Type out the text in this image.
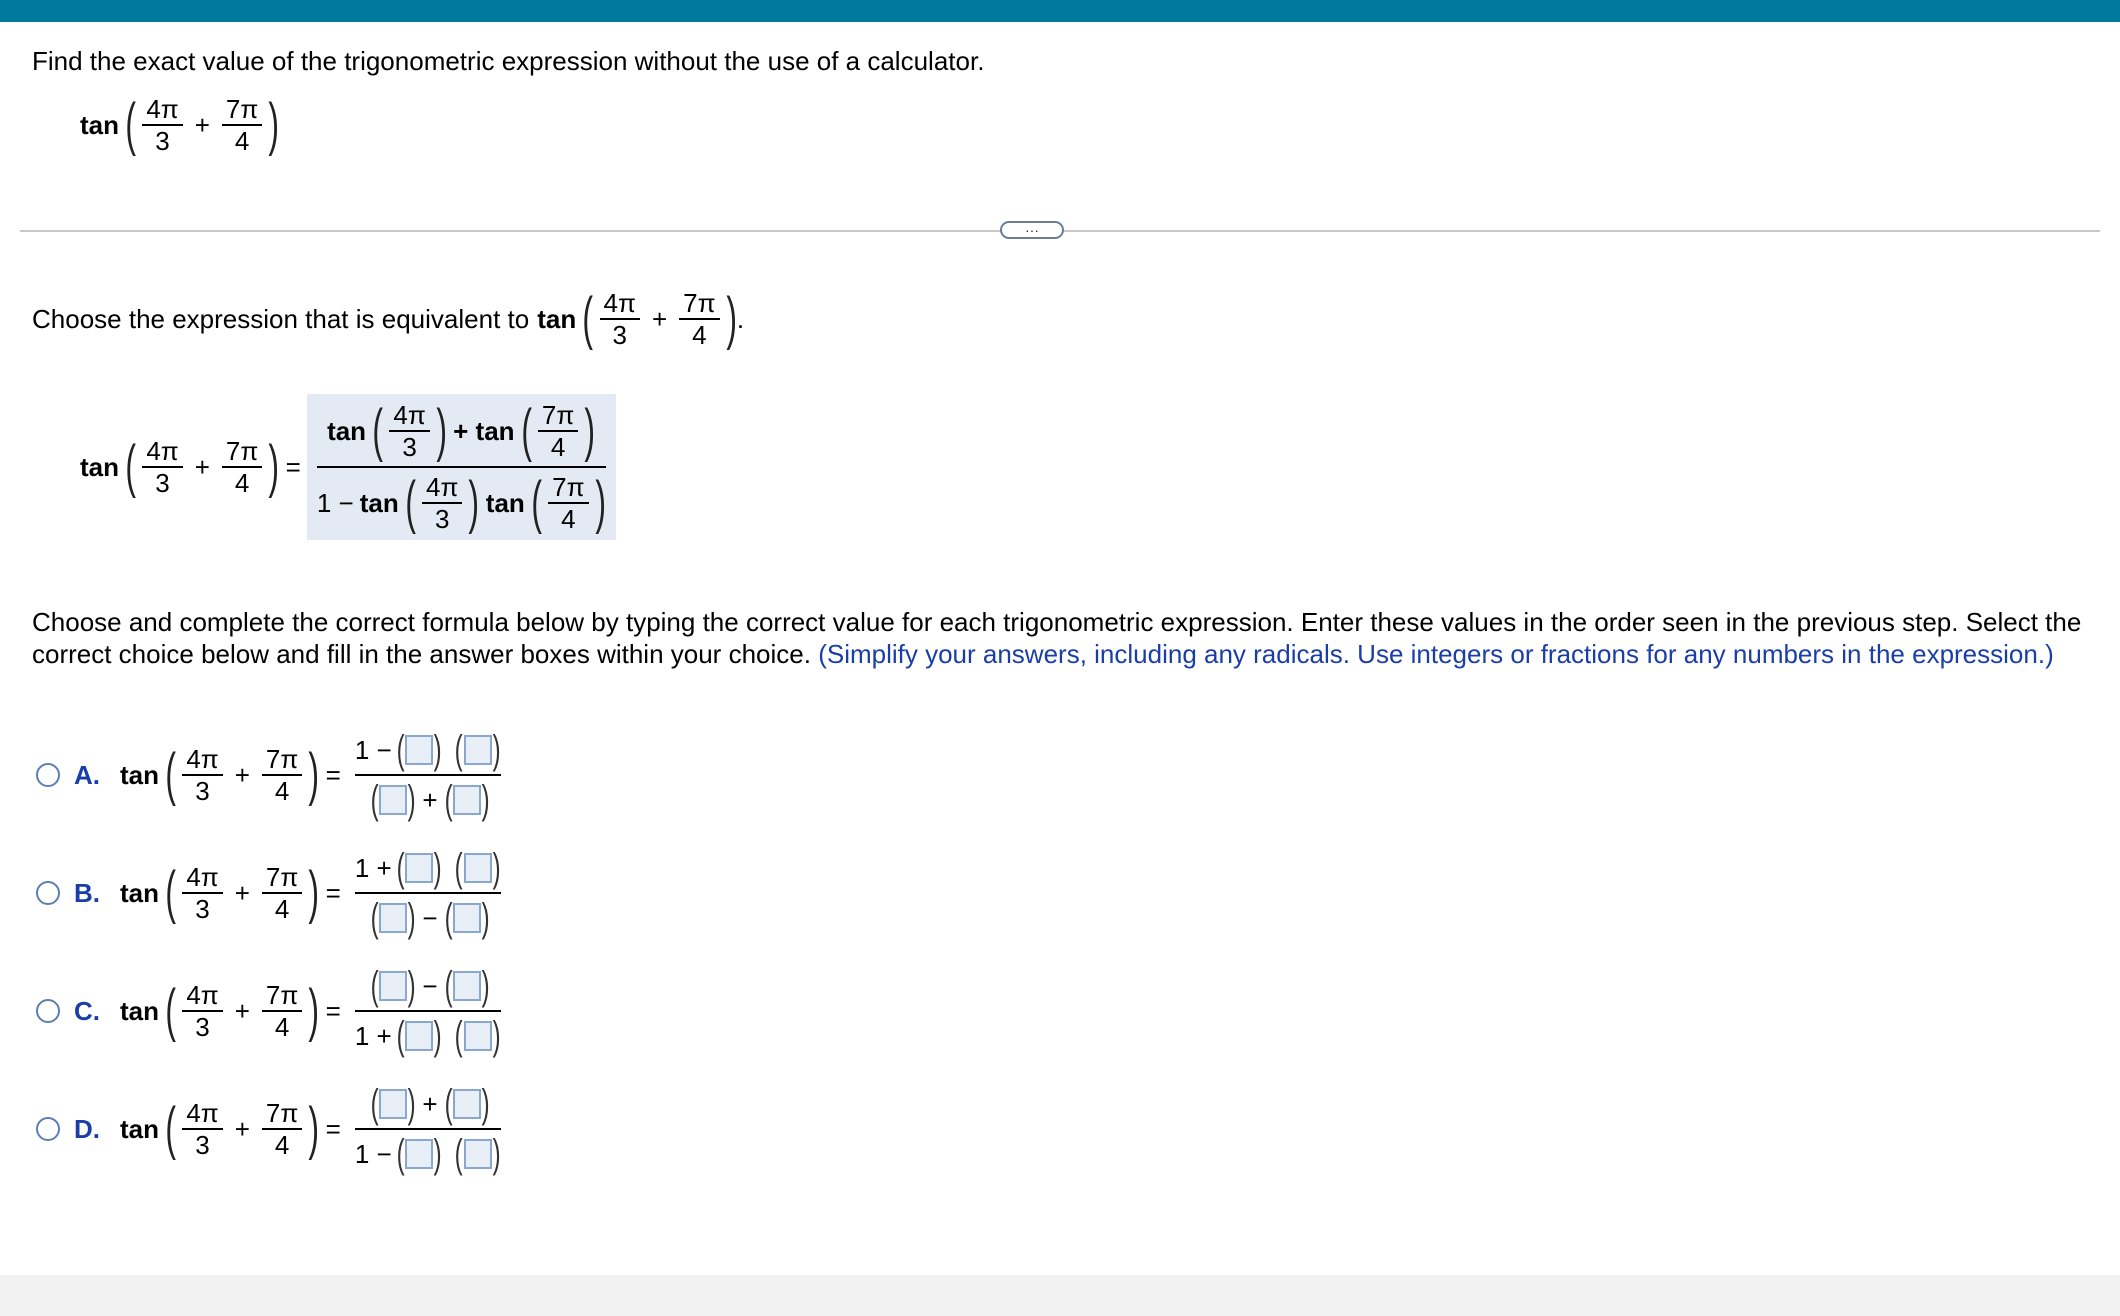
Find the exact value of the trigonometric expression without the use of a calculator.
tan ( $\frac{4\pi}{3} + \frac{7\pi}{4}$ )
···
Choose the expression that is equivalent to tan ( $\frac{4\pi}{3} + \frac{7\pi}{4}$ ) .
tan ( $\frac{4\pi}{3} + \frac{7\pi}{4}$ ) =
tan ( $\frac{4\pi}{3}$ ) + tan ( $\frac{7\pi}{4}$ )
1 − tan ( $\frac{4\pi}{3}$ ) tan ( $\frac{7\pi}{4}$ )
Choose and complete the correct formula below by typing the correct value for each trigonometric expression. Enter these values in the order seen in the previous step. Select the correct choice below and fill in the answer boxes within your choice. (Simplify your answers, including any radicals. Use integers or fractions for any numbers in the expression.)
A. tan ( $\frac{4\pi}{3} + \frac{7\pi}{4}$ ) =
1 − ( ) ( )
( ) + ( )
B. tan ( $\frac{4\pi}{3} + \frac{7\pi}{4}$ ) =
1 + ( ) ( )
( ) − ( )
C. tan ( $\frac{4\pi}{3} + \frac{7\pi}{4}$ ) =
( ) − ( )
1 + ( ) ( )
D. tan ( $\frac{4\pi}{3} + \frac{7\pi}{4}$ ) =
( ) + ( )
1 − ( ) ( )
